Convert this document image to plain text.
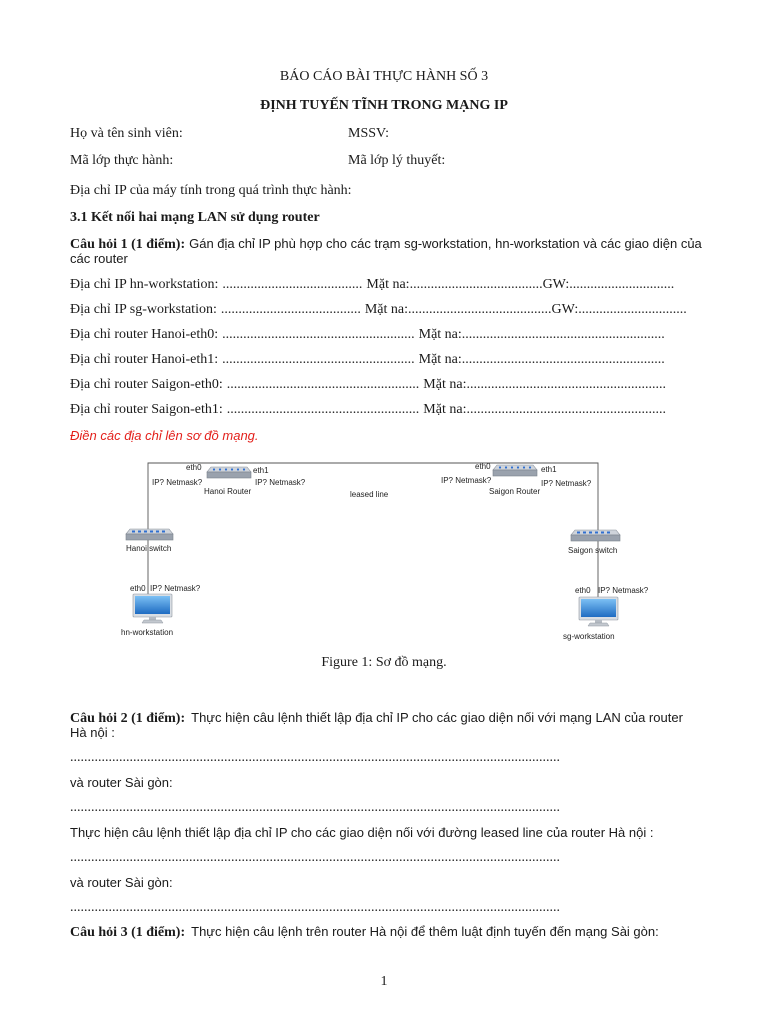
BÁO CÁO BÀI THỰC HÀNH SỐ 3
ĐỊNH TUYẾN TĨNH TRONG MẠNG IP
Họ và tên sinh viên:	MSSV:
Mã lớp thực hành:	Mã lớp lý thuyết:
Địa chỉ IP của máy tính trong quá trình thực hành:
3.1 Kết nối hai mạng LAN sử dụng router
Câu hỏi 1 (1 điểm): Gán địa chỉ IP phù hợp cho các trạm sg-workstation, hn-workstation và các giao diện của
các router
Địa chỉ IP hn-workstation: ........................................ Mặt na:......................................GW:..............................
Địa chỉ IP sg-workstation: ........................................ Mặt na:.........................................GW:...............................
Địa chỉ router Hanoi-eth0: ....................................................... Mặt na:..........................................................
Địa chỉ router Hanoi-eth1: ....................................................... Mặt na:..........................................................
Địa chỉ router Saigon-eth0: ....................................................... Mặt na:.........................................................
Địa chỉ router Saigon-eth1: ....................................................... Mặt na:.........................................................
Điền các địa chỉ lên sơ đồ mạng.
eth0
IP? Netmask?
Hanoi Router
eth1
IP? Netmask?
leased line
eth0
IP? Netmask?
Saigon Router
eth1
IP? Netmask?
Hanoi switch
eth0 IP? Netmask?
hn-workstation
Saigon switch
eth0 IP? Netmask?
sg-workstation
Figure 1: Sơ đồ mạng.
Câu hỏi 2 (1 điểm): Thực hiện câu lệnh thiết lập địa chỉ IP cho các giao diện nối với mạng LAN của router
Hà nội :
............................................................................................................................................
và router Sài gòn:
............................................................................................................................................
Thực hiện câu lệnh thiết lập địa chỉ IP cho các giao diện nối với đường leased line của router Hà nội :
............................................................................................................................................
và router Sài gòn:
............................................................................................................................................
Câu hỏi 3 (1 điểm): Thực hiện câu lệnh trên router Hà nội để thêm luật định tuyến đến mạng Sài gòn:
1
